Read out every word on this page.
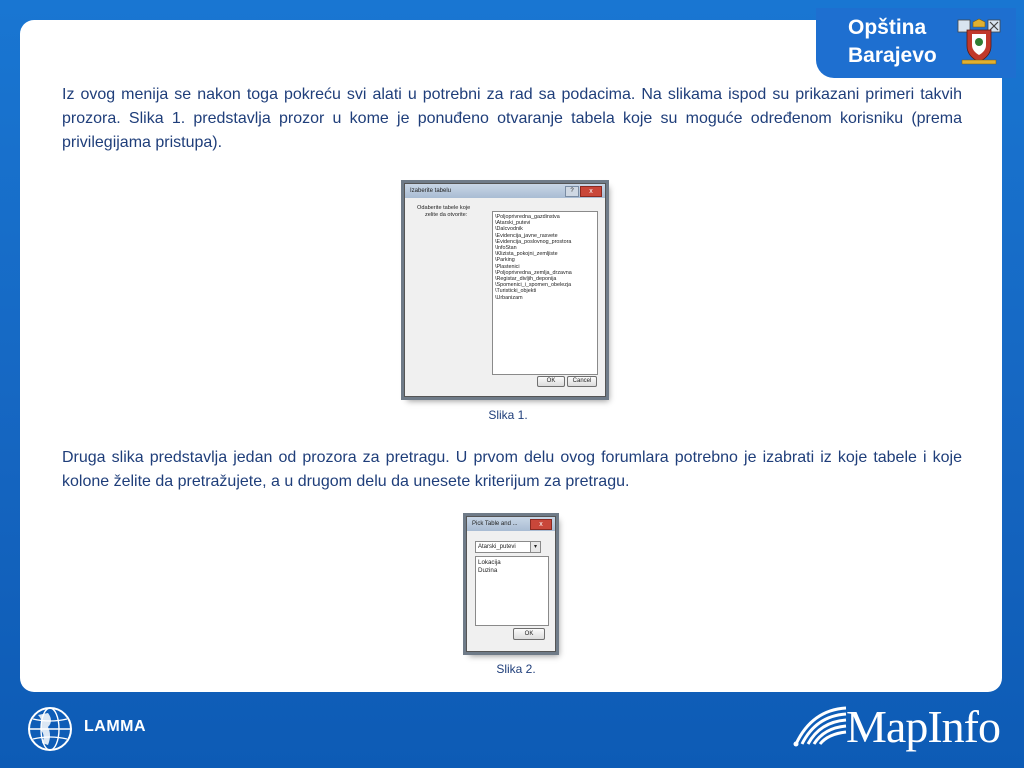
Opština
Barajevo

Iz ovog menija se nakon toga pokreću svi alati u potrebni za rad sa podacima. Na slikama ispod su prikazani primeri takvih prozora. Slika 1. predstavlja prozor u kome je ponuđeno otvaranje tabela koje su moguće određenom korisniku (prema privilegijama pristupa).

Izaberite tabelu	?	x
Odaberite tabele koje
zelite da otvorite:	\Poljoprivredna_gazdinstva
\Atarski_putevi
\Dalcvodnik
\Evidencija_javne_rasvete
\Evidencija_poslovnog_prostora
\InfoStan
\Klizista_pokojni_zemljiste
\Parking
\Plastenici
\Poljoprivredna_zemlja_drzavna
\Registar_divljih_deponija
\Spomenici_i_spomen_obelezja
\Turisticki_objekti
\Urbanizam
OK	Cancel
Slika 1.

Druga slika predstavlja jedan od prozora za pretragu. U prvom delu ovog forumlara potrebno je izabrati iz koje tabele i koje kolone želite da pretražujete, a u drugom delu da unesete kriterijum za pretragu.

Pick Table and ...	x
Atarski_putevi	▾
Lokacija
Duzina
OK
Slika 2.
LAMMA	MapInfo
